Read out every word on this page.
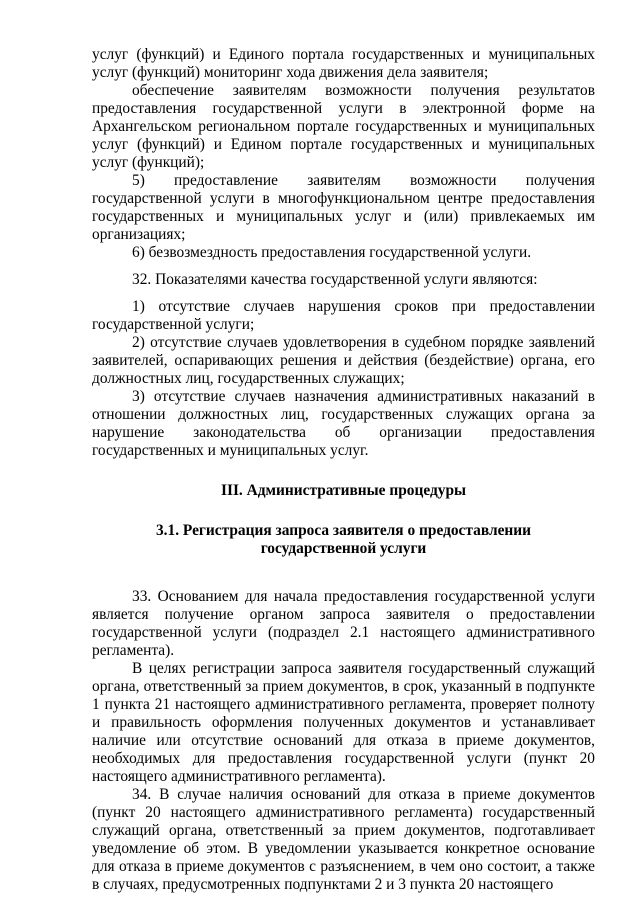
услуг (функций) и Единого портала государственных и муниципальных услуг (функций) мониторинг хода движения дела заявителя;

обеспечение заявителям возможности получения результатов предоставления государственной услуги в электронной форме на Архангельском региональном портале государственных и муниципальных услуг (функций) и Едином портале государственных и муниципальных услуг (функций);

5) предоставление заявителям возможности получения государственной услуги в многофункциональном центре предоставления государственных и муниципальных услуг и (или) привлекаемых им организациях;

6) безвозмездность предоставления государственной услуги.

32. Показателями качества государственной услуги являются:

1) отсутствие случаев нарушения сроков при предоставлении государственной услуги;

2) отсутствие случаев удовлетворения в судебном порядке заявлений заявителей, оспаривающих решения и действия (бездействие) органа, его должностных лиц, государственных служащих;

3) отсутствие случаев назначения административных наказаний в отношении должностных лиц, государственных служащих органа за нарушение законодательства об организации предоставления государственных и муниципальных услуг.

III. Административные процедуры
3.1. Регистрация запроса заявителя о предоставлении
государственной услуги

33. Основанием для начала предоставления государственной услуги является получение органом запроса заявителя о предоставлении государственной услуги (подраздел 2.1 настоящего административного регламента).

В целях регистрации запроса заявителя государственный служащий органа, ответственный за прием документов, в срок, указанный в подпункте 1 пункта 21 настоящего административного регламента, проверяет полноту и правильность оформления полученных документов и устанавливает наличие или отсутствие оснований для отказа в приеме документов, необходимых для предоставления государственной услуги (пункт 20 настоящего административного регламента).

34. В случае наличия оснований для отказа в приеме документов (пункт 20 настоящего административного регламента) государственный служащий органа, ответственный за прием документов, подготавливает уведомление об этом. В уведомлении указывается конкретное основание для отказа в приеме документов с разъяснением, в чем оно состоит, а также в случаях, предусмотренных подпунктами 2 и 3 пункта 20 настоящего
